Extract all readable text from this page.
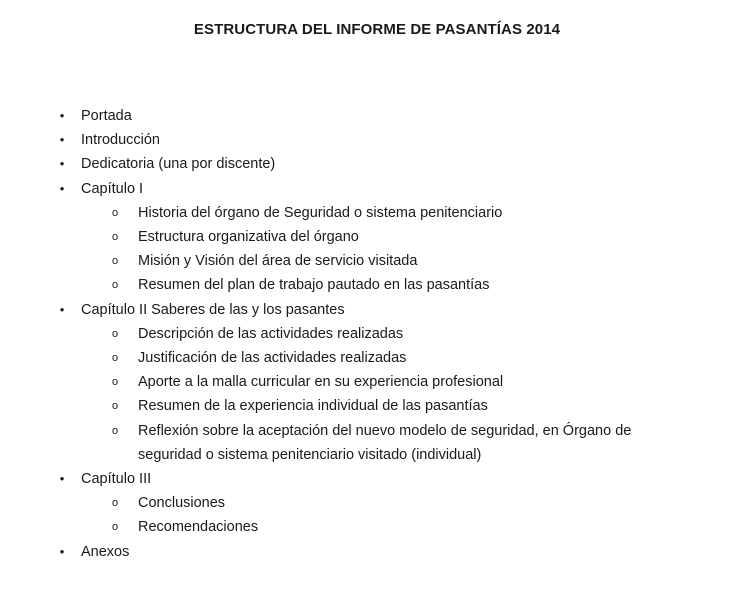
ESTRUCTURA DEL INFORME DE PASANTÍAS 2014
•	Portada
•	Introducción
•	Dedicatoria (una por discente)
•	Capítulo I
o Historia del órgano de Seguridad o sistema penitenciario
o Estructura organizativa del órgano
o Misión y Visión del área de servicio visitada
o Resumen del plan de trabajo pautado en las pasantías
•	Capítulo II Saberes de las y los pasantes
o Descripción de las actividades realizadas
o Justificación de las actividades realizadas
o Aporte a la malla curricular en su experiencia profesional
o Resumen de la experiencia individual de las pasantías
o Reflexión sobre la aceptación del nuevo modelo de seguridad, en Órgano de seguridad o sistema penitenciario visitado (individual)
•	Capítulo III
o Conclusiones
o Recomendaciones
•	Anexos
